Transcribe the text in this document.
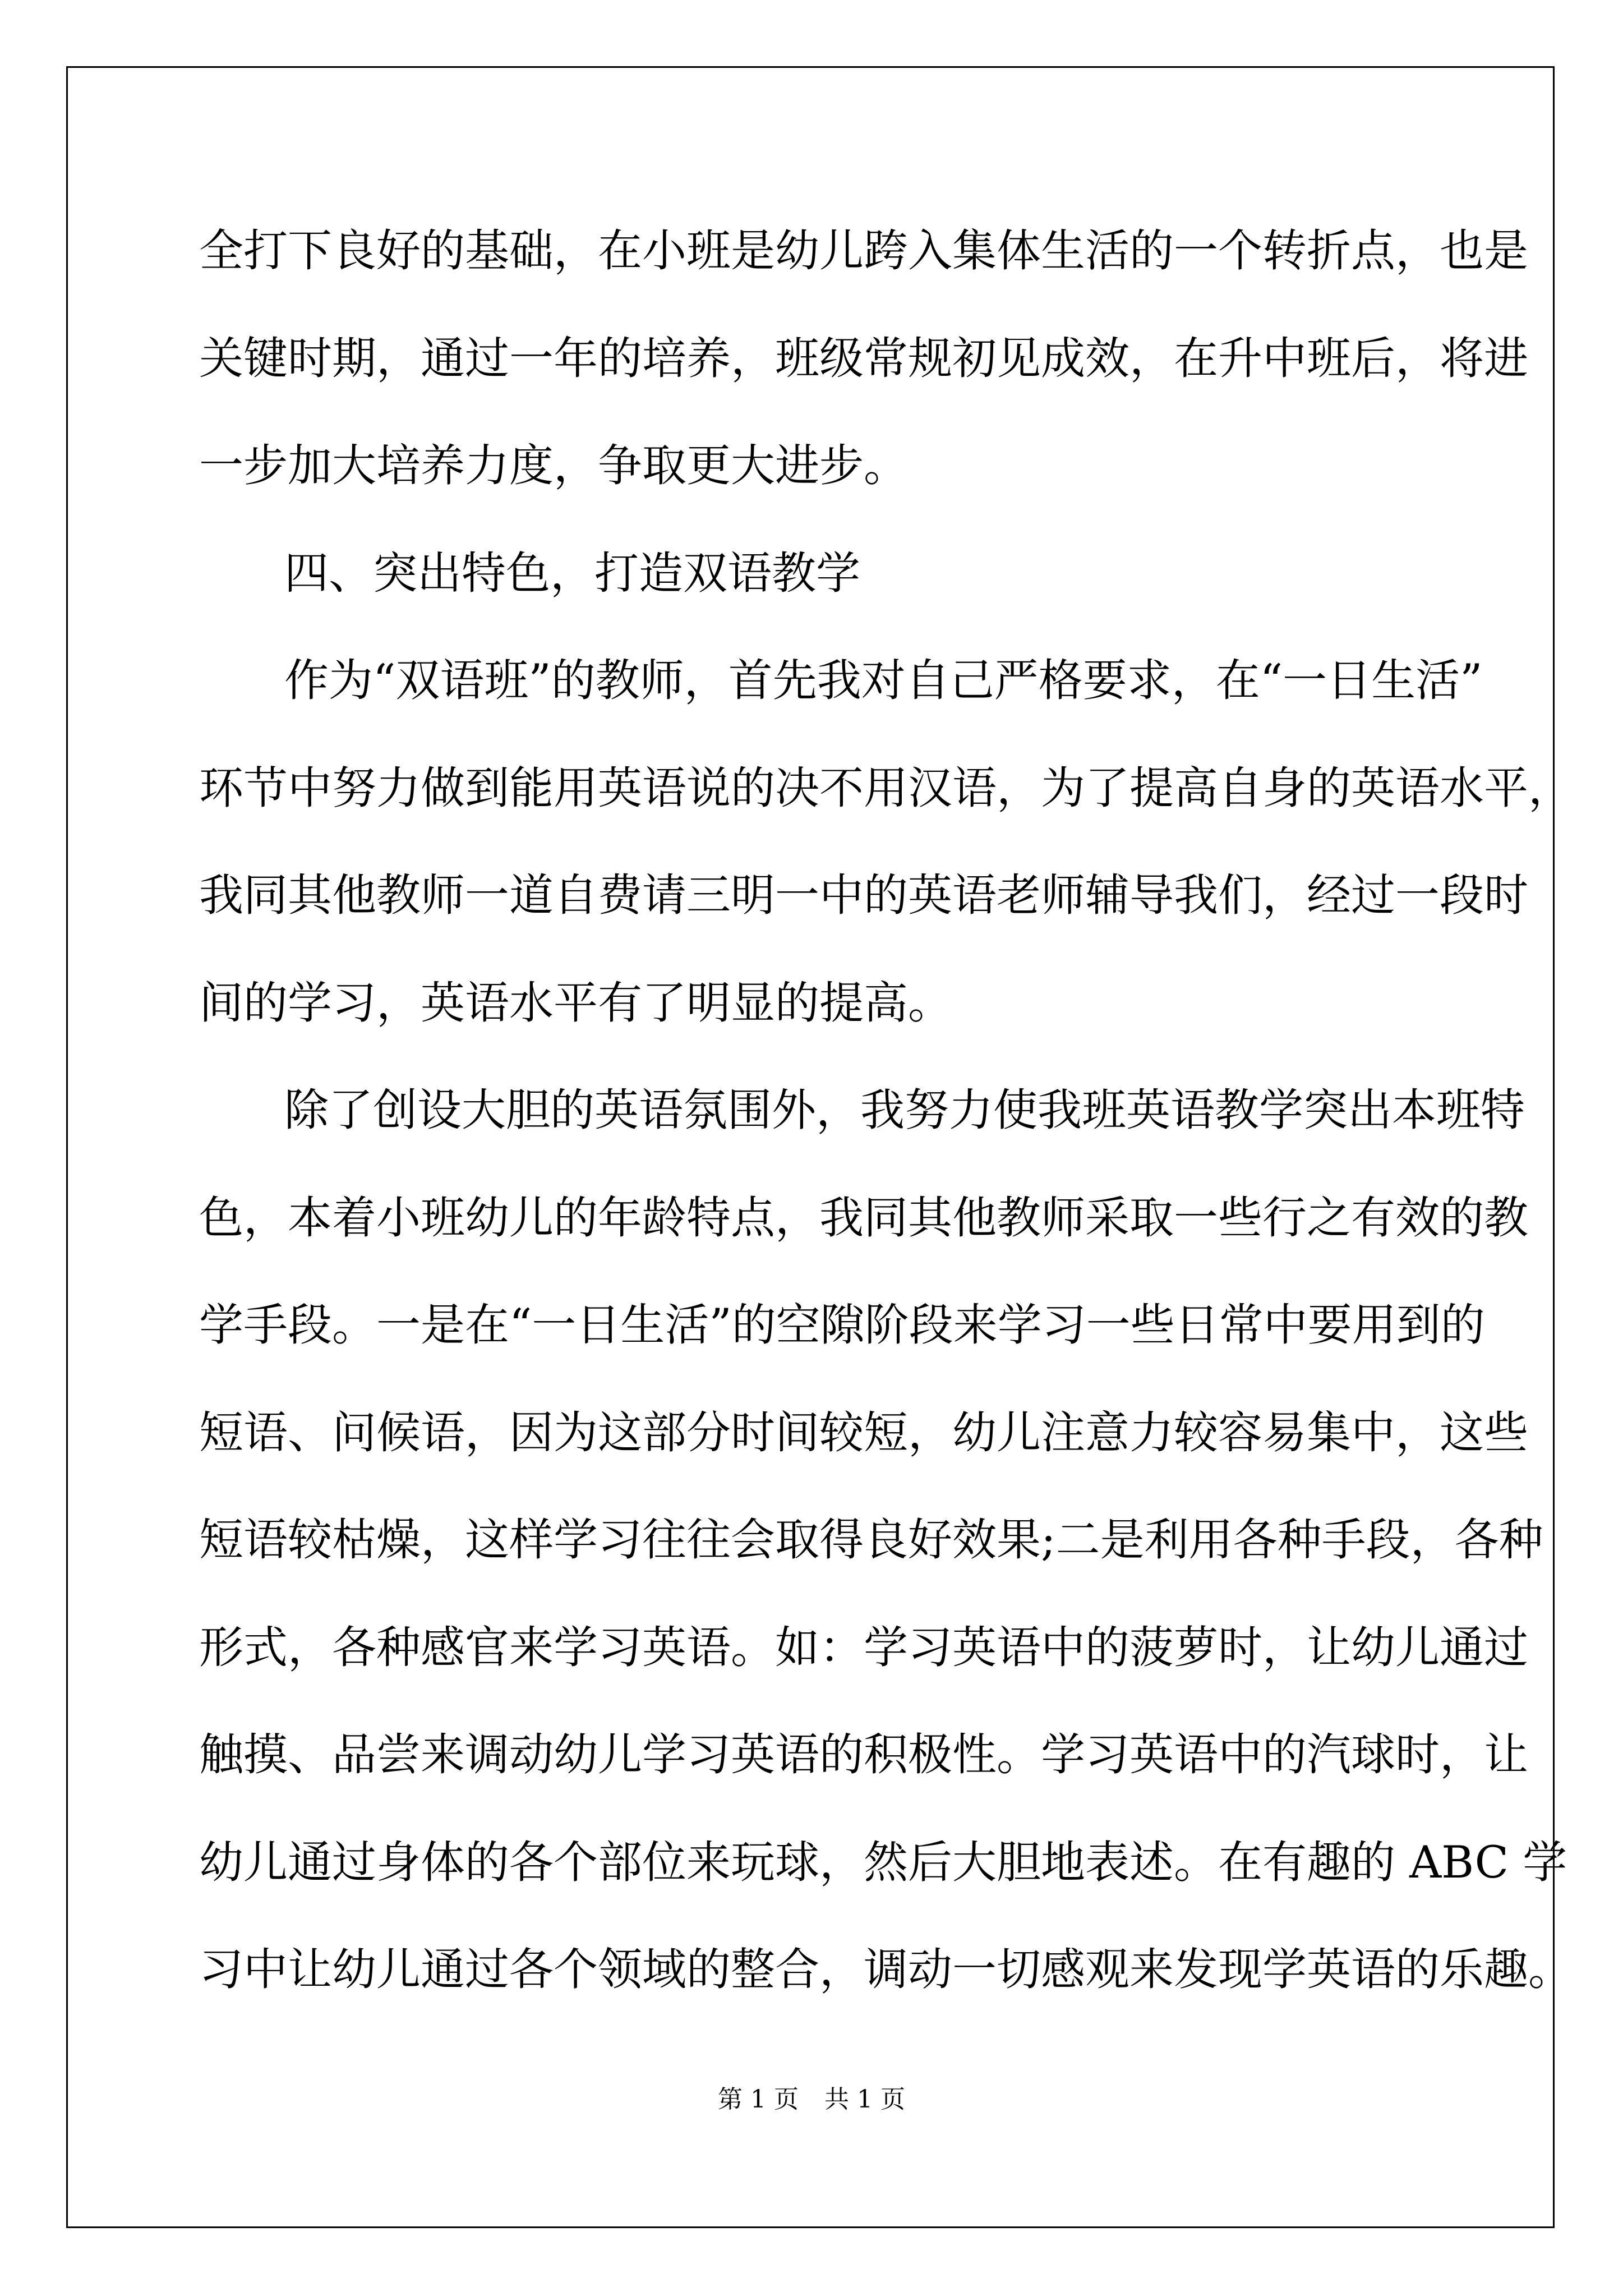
全打下良好的基础，在小班是幼儿跨入集体生活的一个转折点，也是
关键时期，通过一年的培养，班级常规初见成效，在升中班后，将进
一步加大培养力度，争取更大进步。
四、突出特色，打造双语教学
作为“双语班”的教师，首先我对自己严格要求，在“一日生活”
环节中努力做到能用英语说的决不用汉语，为了提高自身的英语水平，
我同其他教师一道自费请三明一中的英语老师辅导我们，经过一段时
间的学习，英语水平有了明显的提高。
除了创设大胆的英语氛围外，我努力使我班英语教学突出本班特
色，本着小班幼儿的年龄特点，我同其他教师采取一些行之有效的教
学手段。一是在“一日生活”的空隙阶段来学习一些日常中要用到的
短语、问候语，因为这部分时间较短，幼儿注意力较容易集中，这些
短语较枯燥，这样学习往往会取得良好效果;二是利用各种手段，各种
形式，各种感官来学习英语。如：学习英语中的菠萝时，让幼儿通过
触摸、品尝来调动幼儿学习英语的积极性。学习英语中的汽球时，让
幼儿通过身体的各个部位来玩球，然后大胆地表述。在有趣的 ABC 学
习中让幼儿通过各个领域的整合，调动一切感观来发现学英语的乐趣。
第 1 页 共 1 页
